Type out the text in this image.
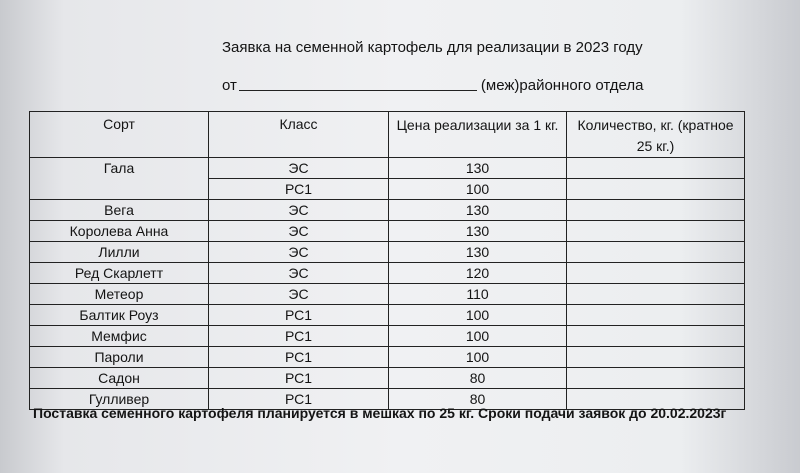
Заявка на семенной картофель для реализации в 2023 году
от	(меж)районного отдела
Сорт	Класс	Цена реализации за 1 кг.	Количество, кг. (кратное 25 кг.)
Гала	ЭС	130	
	РС1	100	
Вега	ЭС	130	
Королева Анна	ЭС	130	
Лилли	ЭС	130	
Ред Скарлетт	ЭС	120	
Метеор	ЭС	110	
Балтик Роуз	РС1	100	
Мемфис	РС1	100	
Пароли	РС1	100	
Садон	РС1	80	
Гулливер	РС1	80	
Поставка семенного картофеля планируется в мешках по 25 кг. Сроки подачи заявок до 20.02.2023г
